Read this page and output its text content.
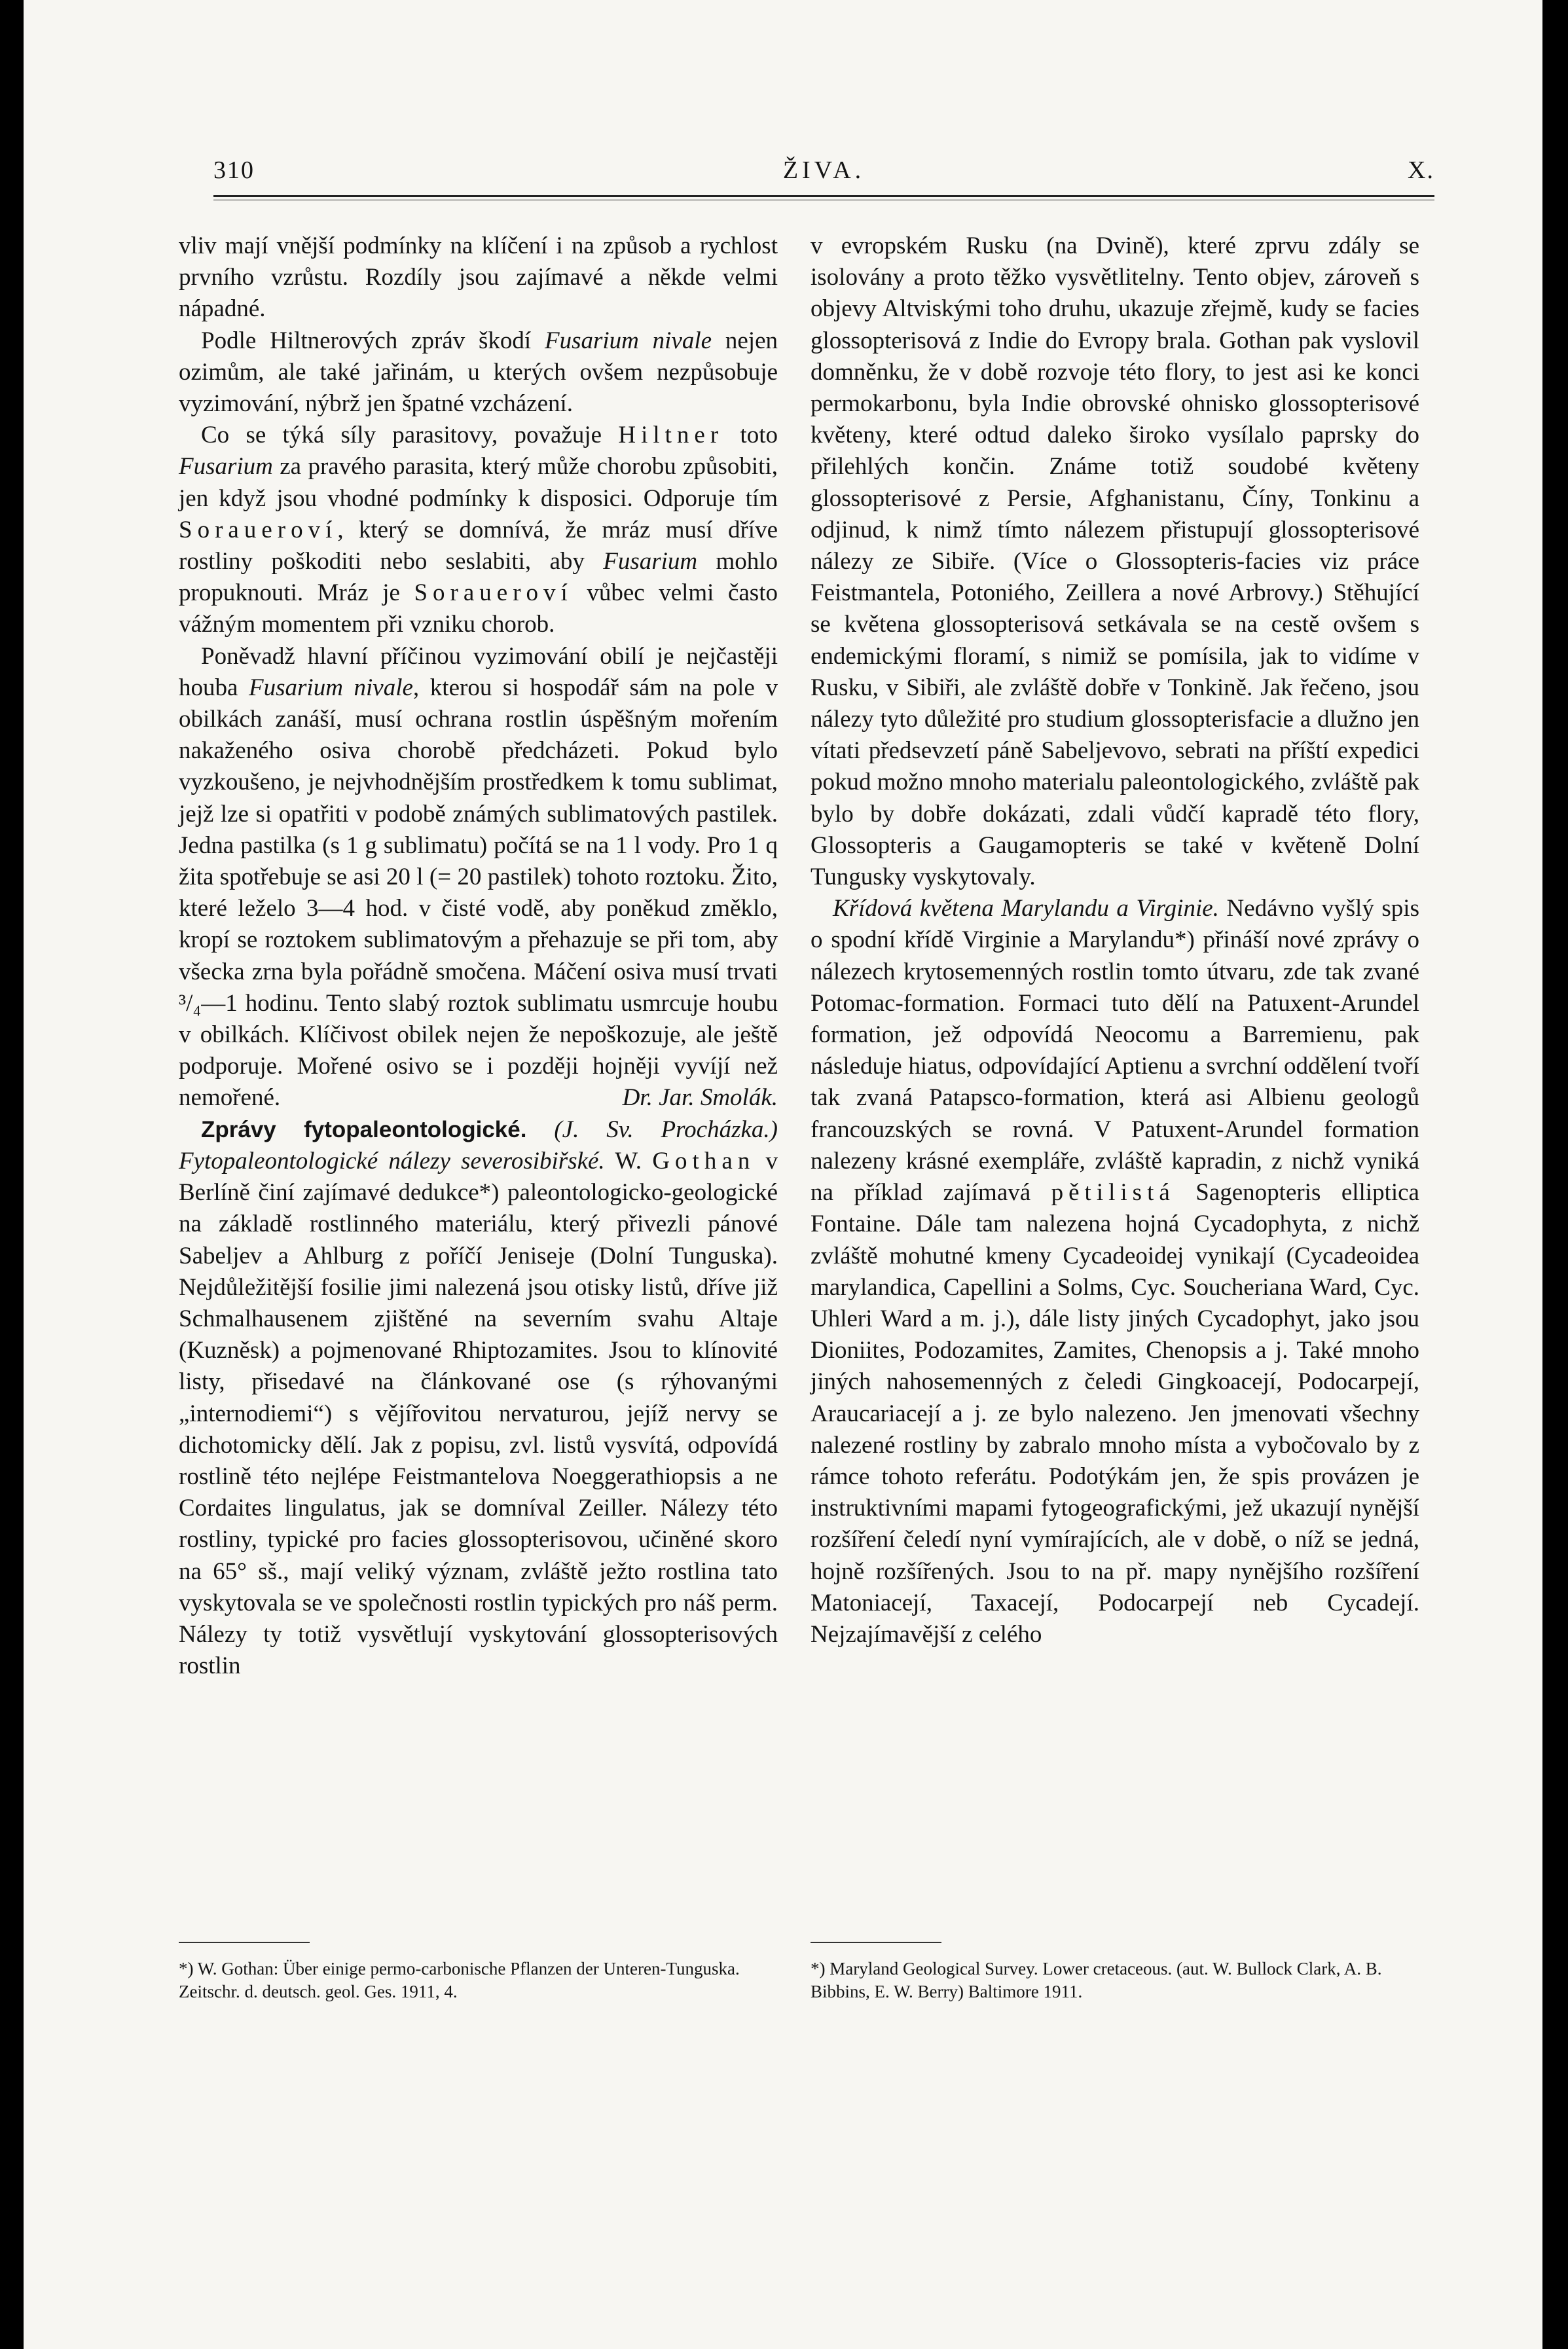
310	ŽIVA.	X.

vliv mají vnější podmínky na klíčení i na způsob a rychlost prvního vzrůstu. Rozdíly jsou zajímavé a někde velmi nápadné.

Podle Hiltnerových zpráv škodí Fusarium nivale nejen ozimům, ale také jařinám, u kterých ovšem nezpůsobuje vyzimování, nýbrž jen špatné vzcházení.

Co se týká síly parasitovy, považuje Hiltner toto Fusarium za pravého parasita, který může chorobu způsobiti, jen když jsou vhodné podmínky k disposici. Odporuje tím Soraueroví, který se domnívá, že mráz musí dříve rostliny poškoditi nebo seslabiti, aby Fusarium mohlo propuknouti. Mráz je Soraueroví vůbec velmi často vážným momentem při vzniku chorob.

Poněvadž hlavní příčinou vyzimování obilí je nejčastěji houba Fusarium nivale, kterou si hospodář sám na pole v obilkách zanáší, musí ochrana rostlin úspěšným mořením nakaženého osiva chorobě předcházeti. Pokud bylo vyzkoušeno, je nejvhodnějším prostředkem k tomu sublimat, jejž lze si opatřiti v podobě známých sublimatových pastilek. Jedna pastilka (s 1 g sublimatu) počítá se na 1 l vody. Pro 1 q žita spotřebuje se asi 20 l (= 20 pastilek) tohoto roztoku. Žito, které leželo 3—4 hod. v čisté vodě, aby poněkud změklo, kropí se roztokem sublimatovým a přehazuje se při tom, aby všecka zrna byla pořádně smočena. Máčení osiva musí trvati ³/₄—1 hodinu. Tento slabý roztok sublimatu usmrcuje houbu v obilkách. Klíčivost obilek nejen že nepoškozuje, ale ještě podporuje. Mořené osivo se i později hojněji vyvíjí než nemořené.	Dr. Jar. Smolák.

Zprávy fytopaleontologické. (J. Sv. Procházka.) Fytopaleontologické nálezy severosibiřské. W. Gothan v Berlíně činí zajímavé dedukce*) paleontologicko-geologické na základě rostlinného materiálu, který přivezli pánové Sabeljev a Ahlburg z poříčí Jeniseje (Dolní Tunguska). Nejdůležitější fosilie jimi nalezená jsou otisky listů, dříve již Schmalhausenem zjištěné na severním svahu Altaje (Kuzněsk) a pojmenované Rhiptozamites. Jsou to klínovité listy, přisedavé na článkované ose (s rýhovanými „internodiemi“) s vějířovitou nervaturou, jejíž nervy se dichotomicky dělí. Jak z popisu, zvl. listů vysvítá, odpovídá rostlině této nejlépe Feistmantelova Noeggerathiopsis a ne Cordaites lingulatus, jak se domníval Zeiller. Nálezy této rostliny, typické pro facies glossopterisovou, učiněné skoro na 65° sš., mají veliký význam, zvláště ježto rostlina tato vyskytovala se ve společnosti rostlin typických pro náš perm. Nálezy ty totiž vysvětlují vyskytování glossopterisových rostlin

v evropském Rusku (na Dvině), které zprvu zdály se isolovány a proto těžko vysvětlitelny. Tento objev, zároveň s objevy Altviskými toho druhu, ukazuje zřejmě, kudy se facies glossopterisová z Indie do Evropy brala. Gothan pak vyslovil domněnku, že v době rozvoje této flory, to jest asi ke konci permokarbonu, byla Indie obrovské ohnisko glossopterisové květeny, které odtud daleko široko vysílalo paprsky do přilehlých končin. Známe totiž soudobé květeny glossopterisové z Persie, Afghanistanu, Číny, Tonkinu a odjinud, k nimž tímto nálezem přistupují glossopterisové nálezy ze Sibiře. (Více o Glossopteris-facies viz práce Feistmantela, Potoniého, Zeillera a nové Arbrovy.) Stěhující se květena glossopterisová setkávala se na cestě ovšem s endemickými floramí, s nimiž se pomísila, jak to vidíme v Rusku, v Sibiři, ale zvláště dobře v Tonkině. Jak řečeno, jsou nálezy tyto důležité pro studium glossopterisfacie a dlužno jen vítati předsevzetí páně Sabeljevovo, sebrati na příští expedici pokud možno mnoho materialu paleontologického, zvláště pak bylo by dobře dokázati, zdali vůdčí kapradě této flory, Glossopteris a Gaugamopteris se také v květeně Dolní Tungusky vyskytovaly.

Křídová květena Marylandu a Virginie. Nedávno vyšlý spis o spodní křídě Virginie a Marylandu*) přináší nové zprávy o nálezech krytosemenných rostlin tomto útvaru, zde tak zvané Potomac-formation. Formaci tuto dělí na Patuxent-Arundel formation, jež odpovídá Neocomu a Barremienu, pak následuje hiatus, odpovídající Aptienu a svrchní oddělení tvoří tak zvaná Patapsco-formation, která asi Albienu geologů francouzských se rovná. V Patuxent-Arundel formation nalezeny krásné exempláře, zvláště kapradin, z nichž vyniká na příklad zajímavá pětilistá Sagenopteris elliptica Fontaine. Dále tam nalezena hojná Cycadophyta, z nichž zvláště mohutné kmeny Cycadeoidej vynikají (Cycadeoidea marylandica, Capellini a Solms, Cyc. Soucheriana Ward, Cyc. Uhleri Ward a m. j.), dále listy jiných Cycadophyt, jako jsou Dioniites, Podozamites, Zamites, Chenopsis a j. Také mnoho jiných nahosemenných z čeledi Gingkoacejí, Podocarpejí, Araucariacejí a j. ze bylo nalezeno. Jen jmenovati všechny nalezené rostliny by zabralo mnoho místa a vybočovalo by z rámce tohoto referátu. Podotýkám jen, že spis provázen je instruktivními mapami fytogeografickými, jež ukazují nynější rozšíření čeledí nyní vymírajících, ale v době, o níž se jedná, hojně rozšířených. Jsou to na př. mapy nynějšího rozšíření Matoniacejí, Taxacejí, Podocarpejí neb Cycadejí. Nejzajímavější z celého

*) W. Gothan: Über einige permo-carbonische Pflanzen der Unteren-Tunguska. Zeitschr. d. deutsch. geol. Ges. 1911, 4.
*) Maryland Geological Survey. Lower cretaceous. (aut. W. Bullock Clark, A. B. Bibbins, E. W. Berry) Baltimore 1911.
